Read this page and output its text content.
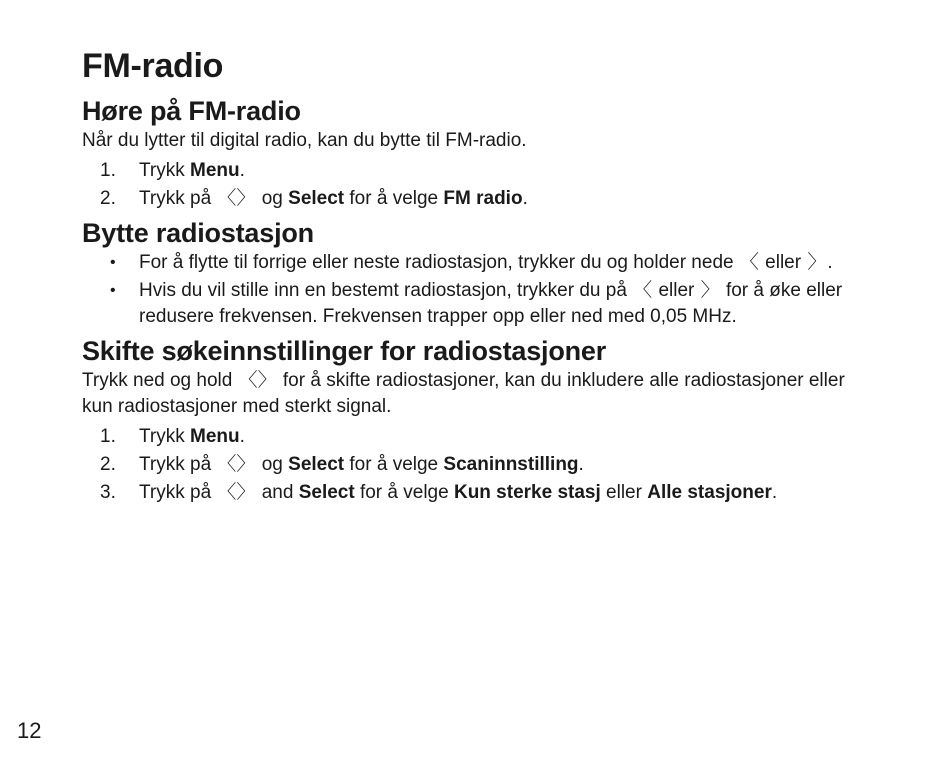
FM-radio
Høre på FM-radio

Når du lytter til digital radio, kan du bytte til FM-radio.

1. Trykk Menu.
2. Trykk på 〈〉 og Select for å velge FM radio.
Bytte radiostasjon
• For å flytte til forrige eller neste radiostasjon, trykker du og holder nede 〈 eller 〉.
• Hvis du vil stille inn en bestemt radiostasjon, trykker du på 〈 eller 〉 for å øke eller redusere frekvensen. Frekvensen trapper opp eller ned med 0,05 MHz.
Skifte søkeinnstillinger for radiostasjoner

Trykk ned og hold 〈〉 for å skifte radiostasjoner, kan du inkludere alle radiostasjoner eller kun radiostasjoner med sterkt signal.

1. Trykk Menu.
2. Trykk på 〈〉 og Select for å velge Scaninnstilling.
3. Trykk på 〈〉 and Select for å velge Kun sterke stasj eller Alle stasjoner.
12
